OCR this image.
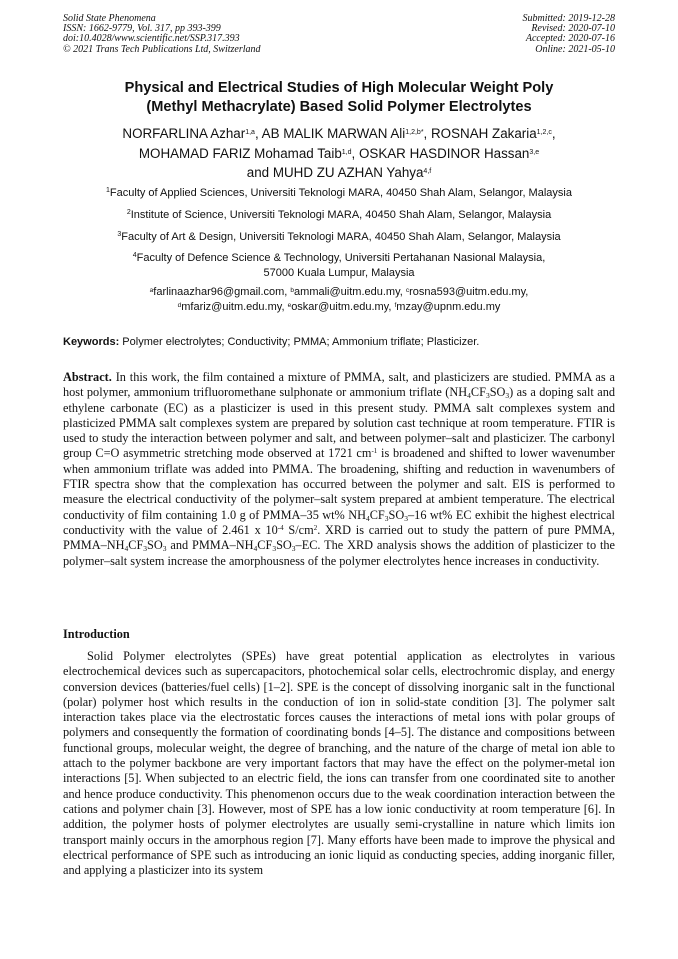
Solid State Phenomena
ISSN: 1662-9779, Vol. 317, pp 393-399
doi:10.4028/www.scientific.net/SSP.317.393
© 2021 Trans Tech Publications Ltd, Switzerland
Submitted: 2019-12-28
Revised: 2020-07-10
Accepted: 2020-07-16
Online: 2021-05-10
Physical and Electrical Studies of High Molecular Weight Poly
(Methyl Methacrylate) Based Solid Polymer Electrolytes
NORFARLINA Azhar$^{1,a}$, AB MALIK MARWAN Ali$^{1,2,b*}$, ROSNAH Zakaria$^{1,2,c}$,
MOHAMAD FARIZ Mohamad Taib$^{1,d}$, OSKAR HASDINOR Hassan$^{3,e}$
and MUHD ZU AZHAN Yahya$^{4,f}$
$^1$Faculty of Applied Sciences, Universiti Teknologi MARA, 40450 Shah Alam, Selangor, Malaysia
$^2$Institute of Science, Universiti Teknologi MARA, 40450 Shah Alam, Selangor, Malaysia
$^3$Faculty of Art & Design, Universiti Teknologi MARA, 40450 Shah Alam, Selangor, Malaysia
$^4$Faculty of Defence Science & Technology, Universiti Pertahanan Nasional Malaysia,
57000 Kuala Lumpur, Malaysia
$^a$farlinaazhar96@gmail.com, $^b$ammali@uitm.edu.my, $^c$rosna593@uitm.edu.my,
$^d$mfariz@uitm.edu.my, $^e$oskar@uitm.edu.my, $^f$mzay@upnm.edu.my
Keywords: Polymer electrolytes; Conductivity; PMMA; Ammonium triflate; Plasticizer.

Abstract. In this work, the film contained a mixture of PMMA, salt, and plasticizers are studied. PMMA as a host polymer, ammonium trifluoromethane sulphonate or ammonium triflate $(NH_4CF_3SO_3)$ as a doping salt and ethylene carbonate (EC) as a plasticizer is used in this present study. PMMA salt complexes system and plasticized PMMA salt complexes system are prepared by solution cast technique at room temperature. FTIR is used to study the interaction between polymer and salt, and between polymer–salt and plasticizer. The carbonyl group C=O asymmetric stretching mode observed at 1721 $cm^{-1}$ is broadened and shifted to lower wavenumber when ammonium triflate was added into PMMA. The broadening, shifting and reduction in wavenumbers of FTIR spectra show that the complexation has occurred between the polymer and salt. EIS is performed to measure the electrical conductivity of the polymer–salt system prepared at ambient temperature. The electrical conductivity of film containing 1.0 g of PMMA–35 wt% $NH_4CF_3SO_3-16$ wt% EC exhibit the highest electrical conductivity with the value of 2.461 x $10^{-4}$ $S/cm^2$. XRD is carried out to study the pattern of pure PMMA, PMMA–$NH_4CF_3SO_3$ and PMMA–$NH_4CF_3SO_3-EC$. The XRD analysis shows the addition of plasticizer to the polymer–salt system increase the amorphousness of the polymer electrolytes hence increases in conductivity.

Introduction
Solid Polymer electrolytes (SPEs) have great potential application as electrolytes in various electrochemical devices such as supercapacitors, photochemical solar cells, electrochromic display, and energy conversion devices (batteries/fuel cells) [1–2]. SPE is the concept of dissolving inorganic salt in the functional (polar) polymer host which results in the conduction of ion in solid-state condition [3]. The polymer salt interaction takes place via the electrostatic forces causes the interactions of metal ions with polar groups of polymers and consequently the formation of coordinating bonds [4–5]. The distance and compositions between functional groups, molecular weight, the degree of branching, and the nature of the charge of metal ion able to attach to the polymer backbone are very important factors that may have the effect on the polymer-metal ion interactions [5]. When subjected to an electric field, the ions can transfer from one coordinated site to another and hence produce conductivity. This phenomenon occurs due to the weak coordination interaction between the cations and polymer chain [3]. However, most of SPE has a low ionic conductivity at room temperature [6]. In addition, the polymer hosts of polymer electrolytes are usually semi-crystalline in nature which limits ion transport mainly occurs in the amorphous region [7]. Many efforts have been made to improve the physical and electrical performance of SPE such as introducing an ionic liquid as conducting species, adding inorganic filler, and applying a plasticizer into its system
